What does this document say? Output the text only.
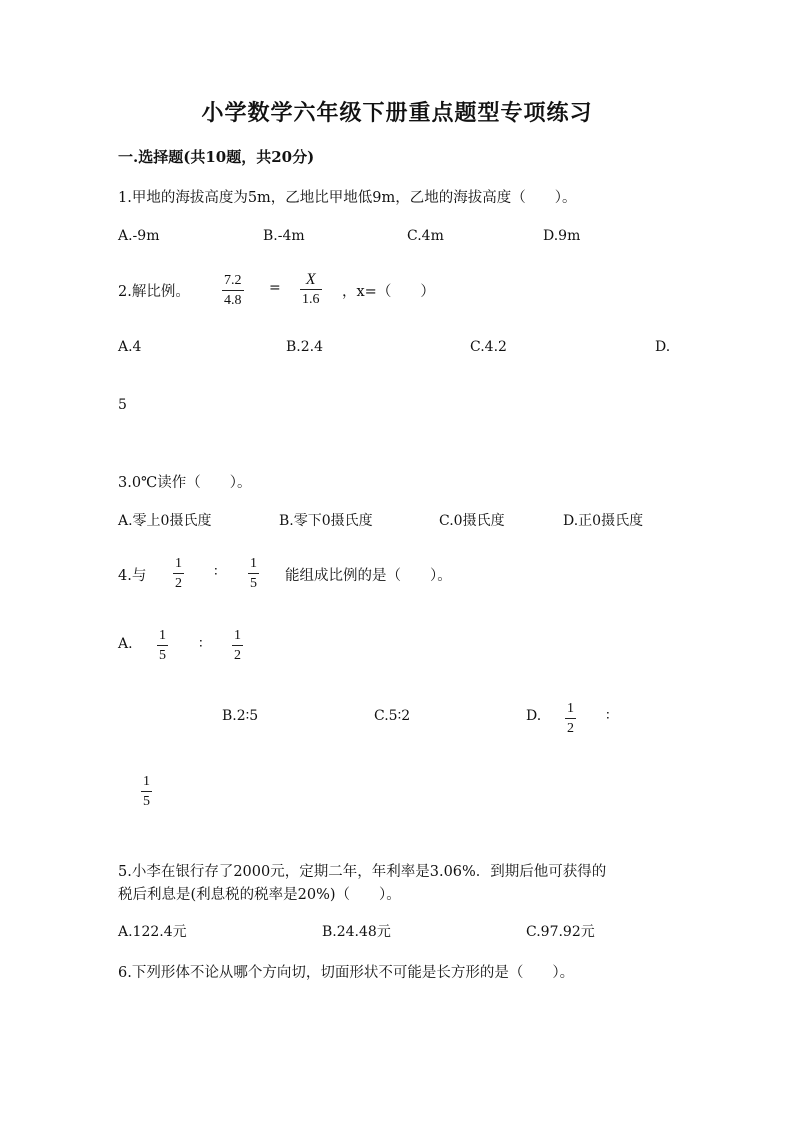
小学数学六年级下册重点题型专项练习
一.选择题(共10题，共20分)
1.甲地的海拔高度为5m，乙地比甲地低9m，乙地的海拔高度（　　）。
A.-9m	B.-4m	C.4m	D.9m
2.解比例。
7.2
4.8
= X
1.6 ，x=（　　）
A.4	B.2.4	C.4.2	D.
5
3.0℃读作（　　）。
A.零上0摄氏度	B.零下0摄氏度	C.0摄氏度	D.正0摄氏度
4.与
1
2
∶
1
5 能组成比例的是（　　）。
A.
1
5
∶
1
2
B.2∶5	C.5∶2	D. 1
2
∶
1
5
5.小李在银行存了2000元，定期二年，年利率是3.06%．到期后他可获得的
税后利息是(利息税的税率是20%)（　　）。
A.122.4元	B.24.48元	C.97.92元
6.下列形体不论从哪个方向切，切面形状不可能是长方形的是（　　）。
